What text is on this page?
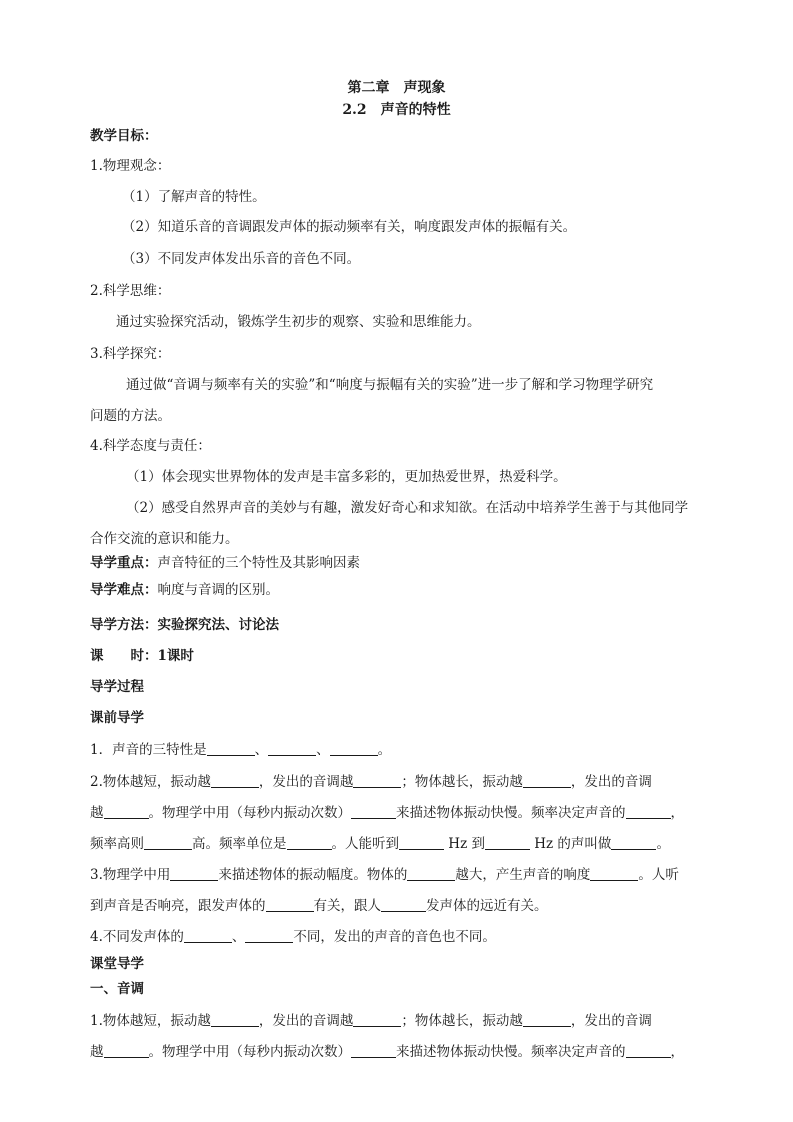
第二章　声现象
2.2　声音的特性
教学目标：
1.物理观念：
（1）了解声音的特性。
（2）知道乐音的音调跟发声体的振动频率有关，响度跟发声体的振幅有关。
（3）不同发声体发出乐音的音色不同。
2.科学思维：
通过实验探究活动，锻炼学生初步的观察、实验和思维能力。
3.科学探究：
通过做“音调与频率有关的实验”和“响度与振幅有关的实验”进一步了解和学习物理学研究
问题的方法。
4.科学态度与责任：
（1）体会现实世界物体的发声是丰富多彩的，更加热爱世界，热爱科学。
（2）感受自然界声音的美妙与有趣，激发好奇心和求知欲。在活动中培养学生善于与其他同学
合作交流的意识和能力。
导学重点：声音特征的三个特性及其影响因素
导学难点：响度与音调的区别。
导学方法：实验探究法、讨论法
课　　时：1课时
导学过程
课前导学
1．声音的三特性是	、	、	。
2.物体越短，振动越	，发出的音调越	；物体越长，振动越	，发出的音调
越	。物理学中用（每秒内振动次数）	来描述物体振动快慢。频率决定声音的	，
频率高则	高。频率单位是	。人能听到	Hz 到	Hz 的声叫做	。
3.物理学中用	来描述物体的振动幅度。物体的	越大，产生声音的响度	。人听
到声音是否响亮，跟发声体的	有关，跟人	发声体的远近有关。
4.不同发声体的	、	不同，发出的声音的音色也不同。
课堂导学
一、音调
1.物体越短，振动越	，发出的音调越	；物体越长，振动越	，发出的音调
越	。物理学中用（每秒内振动次数）	来描述物体振动快慢。频率决定声音的	，
